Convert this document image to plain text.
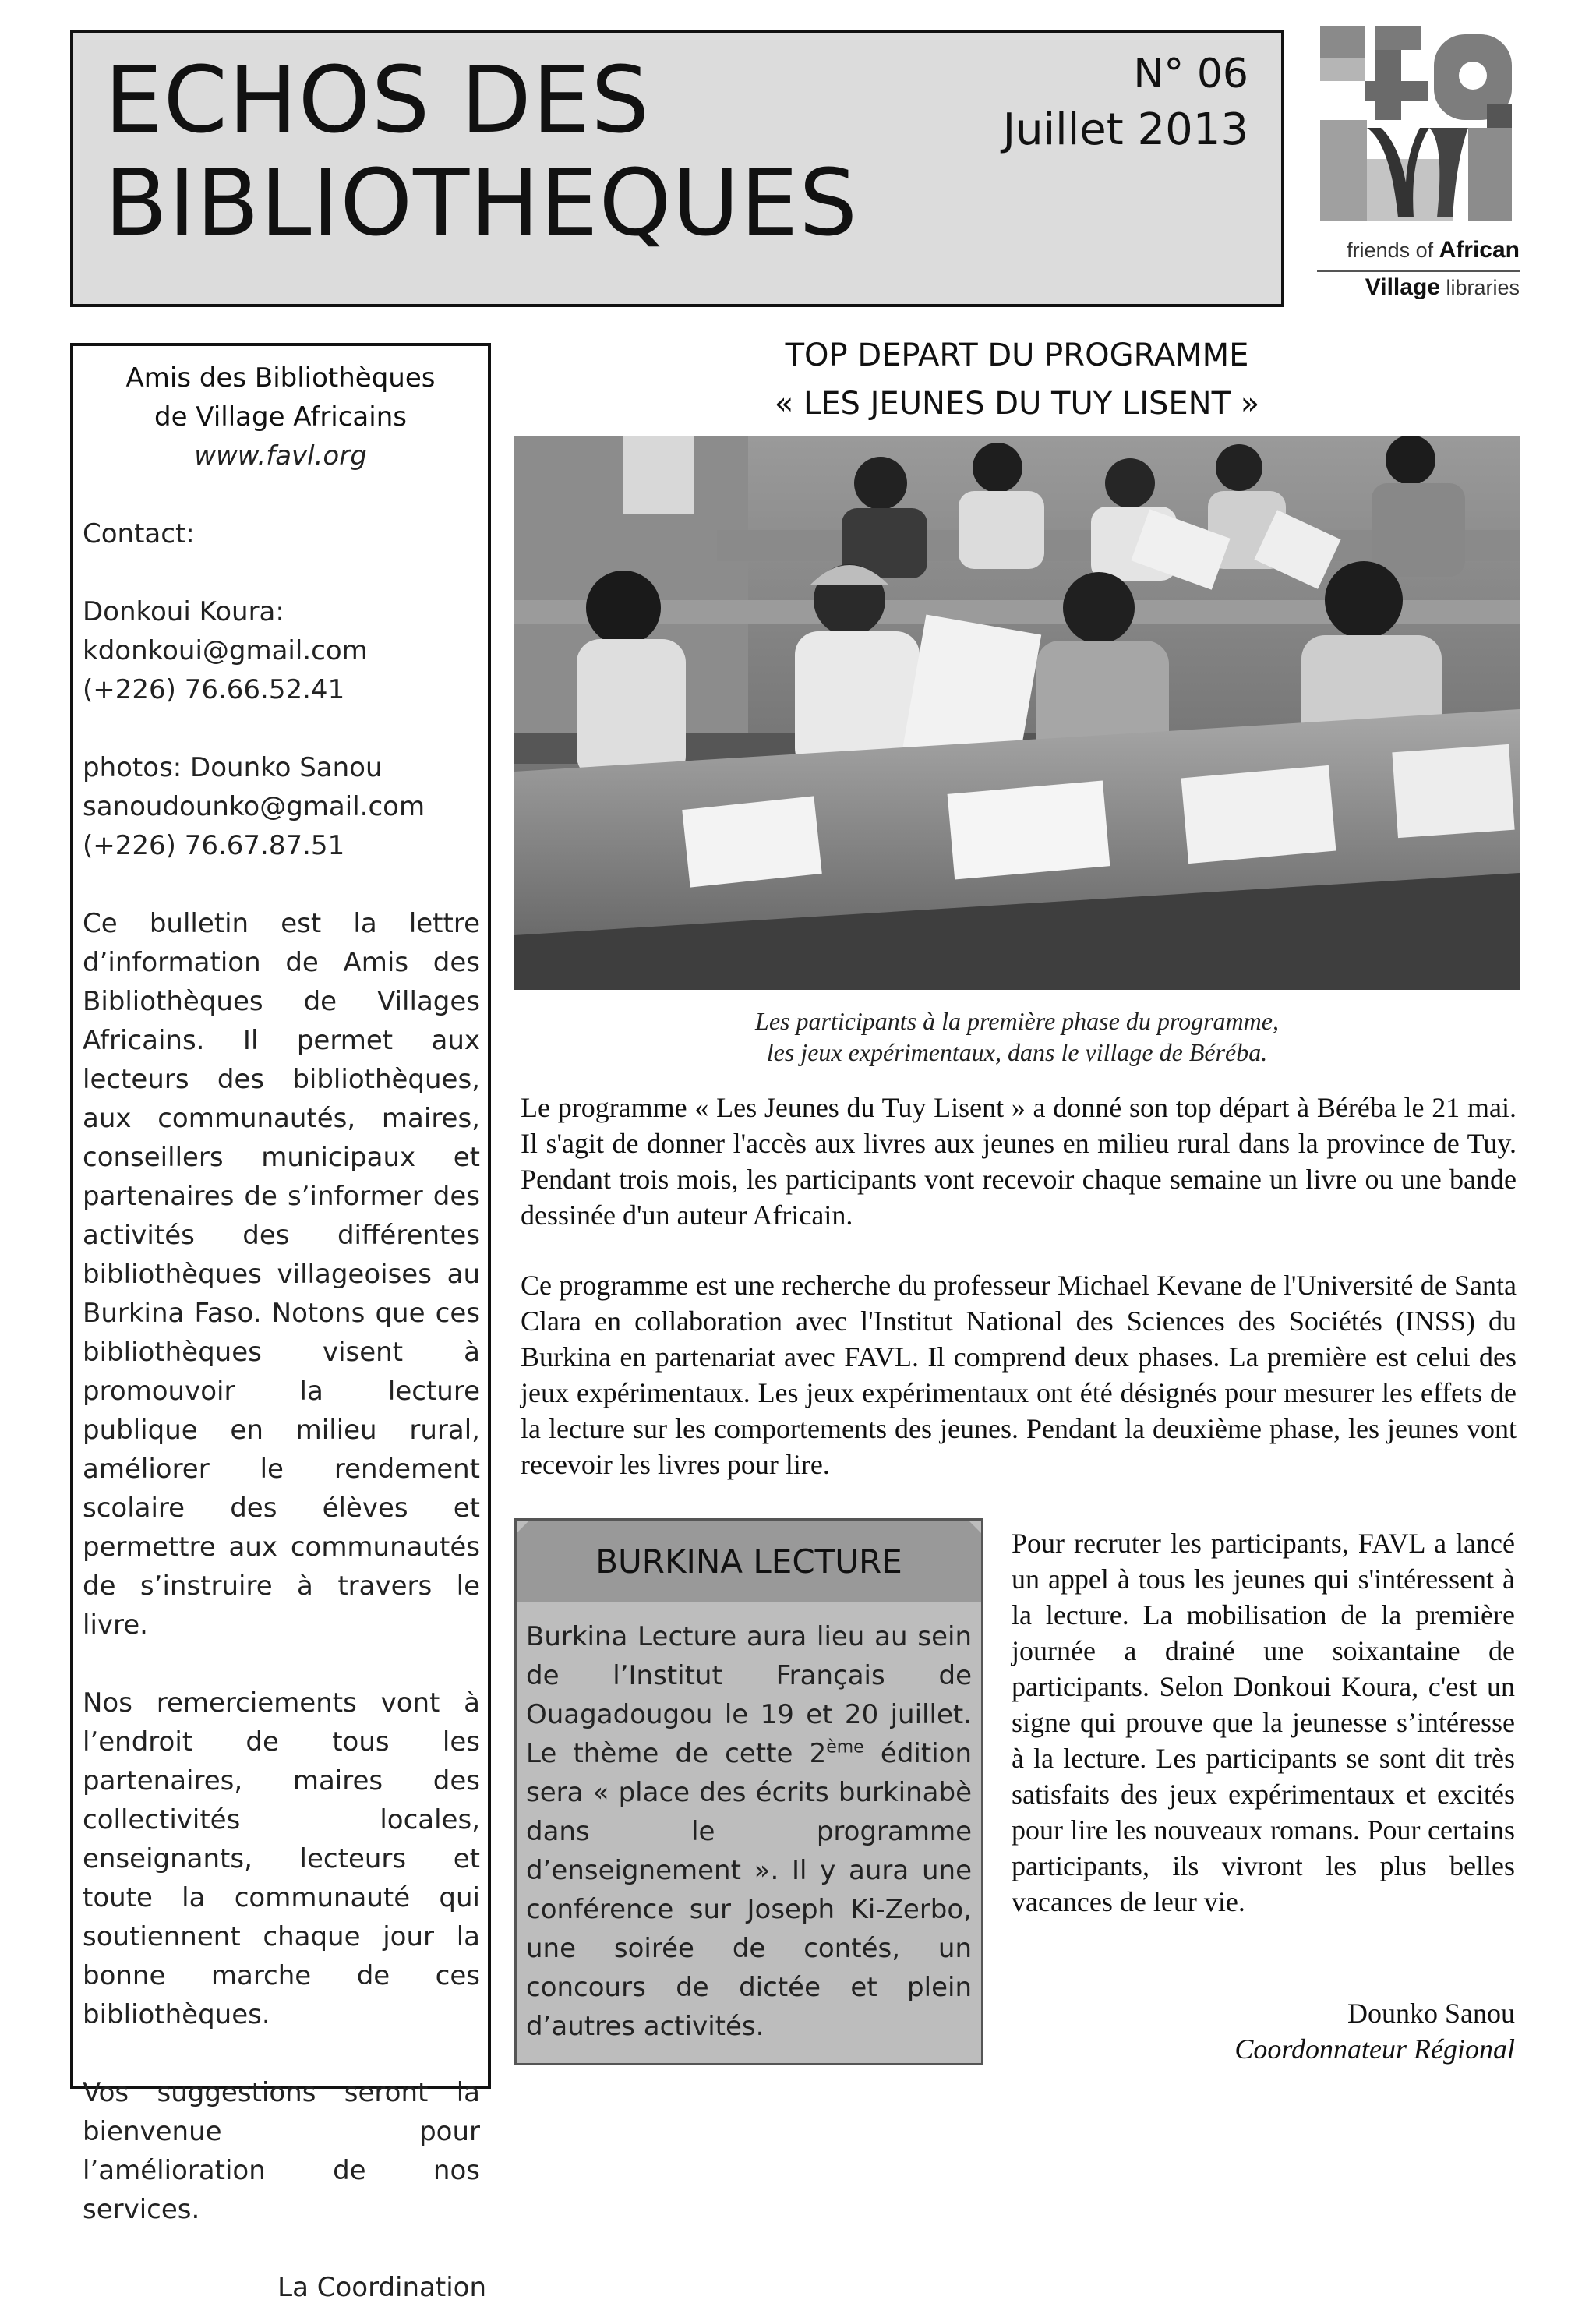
ECHOS DES
BIBLIOTHEQUES
N° 06
Juillet 2013
friends of African
Village libraries
Amis des Bibliothèques
de Village Africains
www.favl.org
Contact:
Donkoui Koura:
kdonkoui@gmail.com
(+226) 76.66.52.41
photos: Dounko Sanou
sanoudounko@gmail.com
(+226) 76.67.87.51
Ce bulletin est la lettre d’information de Amis des Bibliothèques de Villages Africains. Il permet aux lecteurs des bibliothèques, aux communautés, maires, conseillers municipaux et partenaires de s’informer des activités des différentes bibliothèques villageoises au Burkina Faso. Notons que ces bibliothèques visent à promouvoir la lecture publique en milieu rural, améliorer le rendement scolaire des élèves et permettre aux communautés de s’instruire à travers le livre.
Nos remerciements vont à l’endroit de tous les partenaires, maires des collectivités locales, enseignants, lecteurs et toute la communauté qui soutiennent chaque jour la bonne marche de ces bibliothèques.
Vos suggestions seront la bienvenue pour l’amélioration de nos services.
La Coordination
TOP DEPART DU PROGRAMME
« LES JEUNES DU TUY LISENT »
Les participants à la première phase du programme,
les jeux expérimentaux, dans le village de Béréba.
Le programme « Les Jeunes du Tuy Lisent » a donné son top départ à Béréba le 21 mai. Il s'agit de donner l'accès aux livres aux jeunes en milieu rural dans la province de Tuy. Pendant trois mois, les participants vont recevoir chaque semaine un livre ou une bande dessinée d'un auteur Africain.
Ce programme est une recherche du professeur Michael Kevane de l'Université de Santa Clara en collaboration avec l'Institut National des Sciences des Sociétés (INSS) du Burkina en partenariat avec FAVL. Il comprend deux phases. La première est celui des jeux expérimentaux. Les jeux expérimentaux ont été désignés pour mesurer les effets de la lecture sur les comportements des jeunes. Pendant la deuxième phase, les jeunes vont recevoir les livres pour lire.
Pour recruter les participants, FAVL a lancé un appel à tous les jeunes qui s'intéressent à la lecture. La mobilisation de la première journée a drainé une soixantaine de participants. Selon Donkoui Koura, c'est un signe qui prouve que la jeunesse s’intéresse à la lecture. Les participants se sont dit très satisfaits des jeux expérimentaux et excités pour lire les nouveaux romans. Pour certains participants, ils vivront les plus belles vacances de leur vie.
Dounko Sanou
Coordonnateur Régional
BURKINA LECTURE
Burkina Lecture aura lieu au sein de l’Institut Français de Ouagadougou le 19 et 20 juillet. Le thème de cette 2ème édition sera « place des écrits burkinabè dans le programme d’enseignement ». Il y aura une conférence sur Joseph Ki-Zerbo, une soirée de contés, un concours de dictée et plein d’autres activités.
